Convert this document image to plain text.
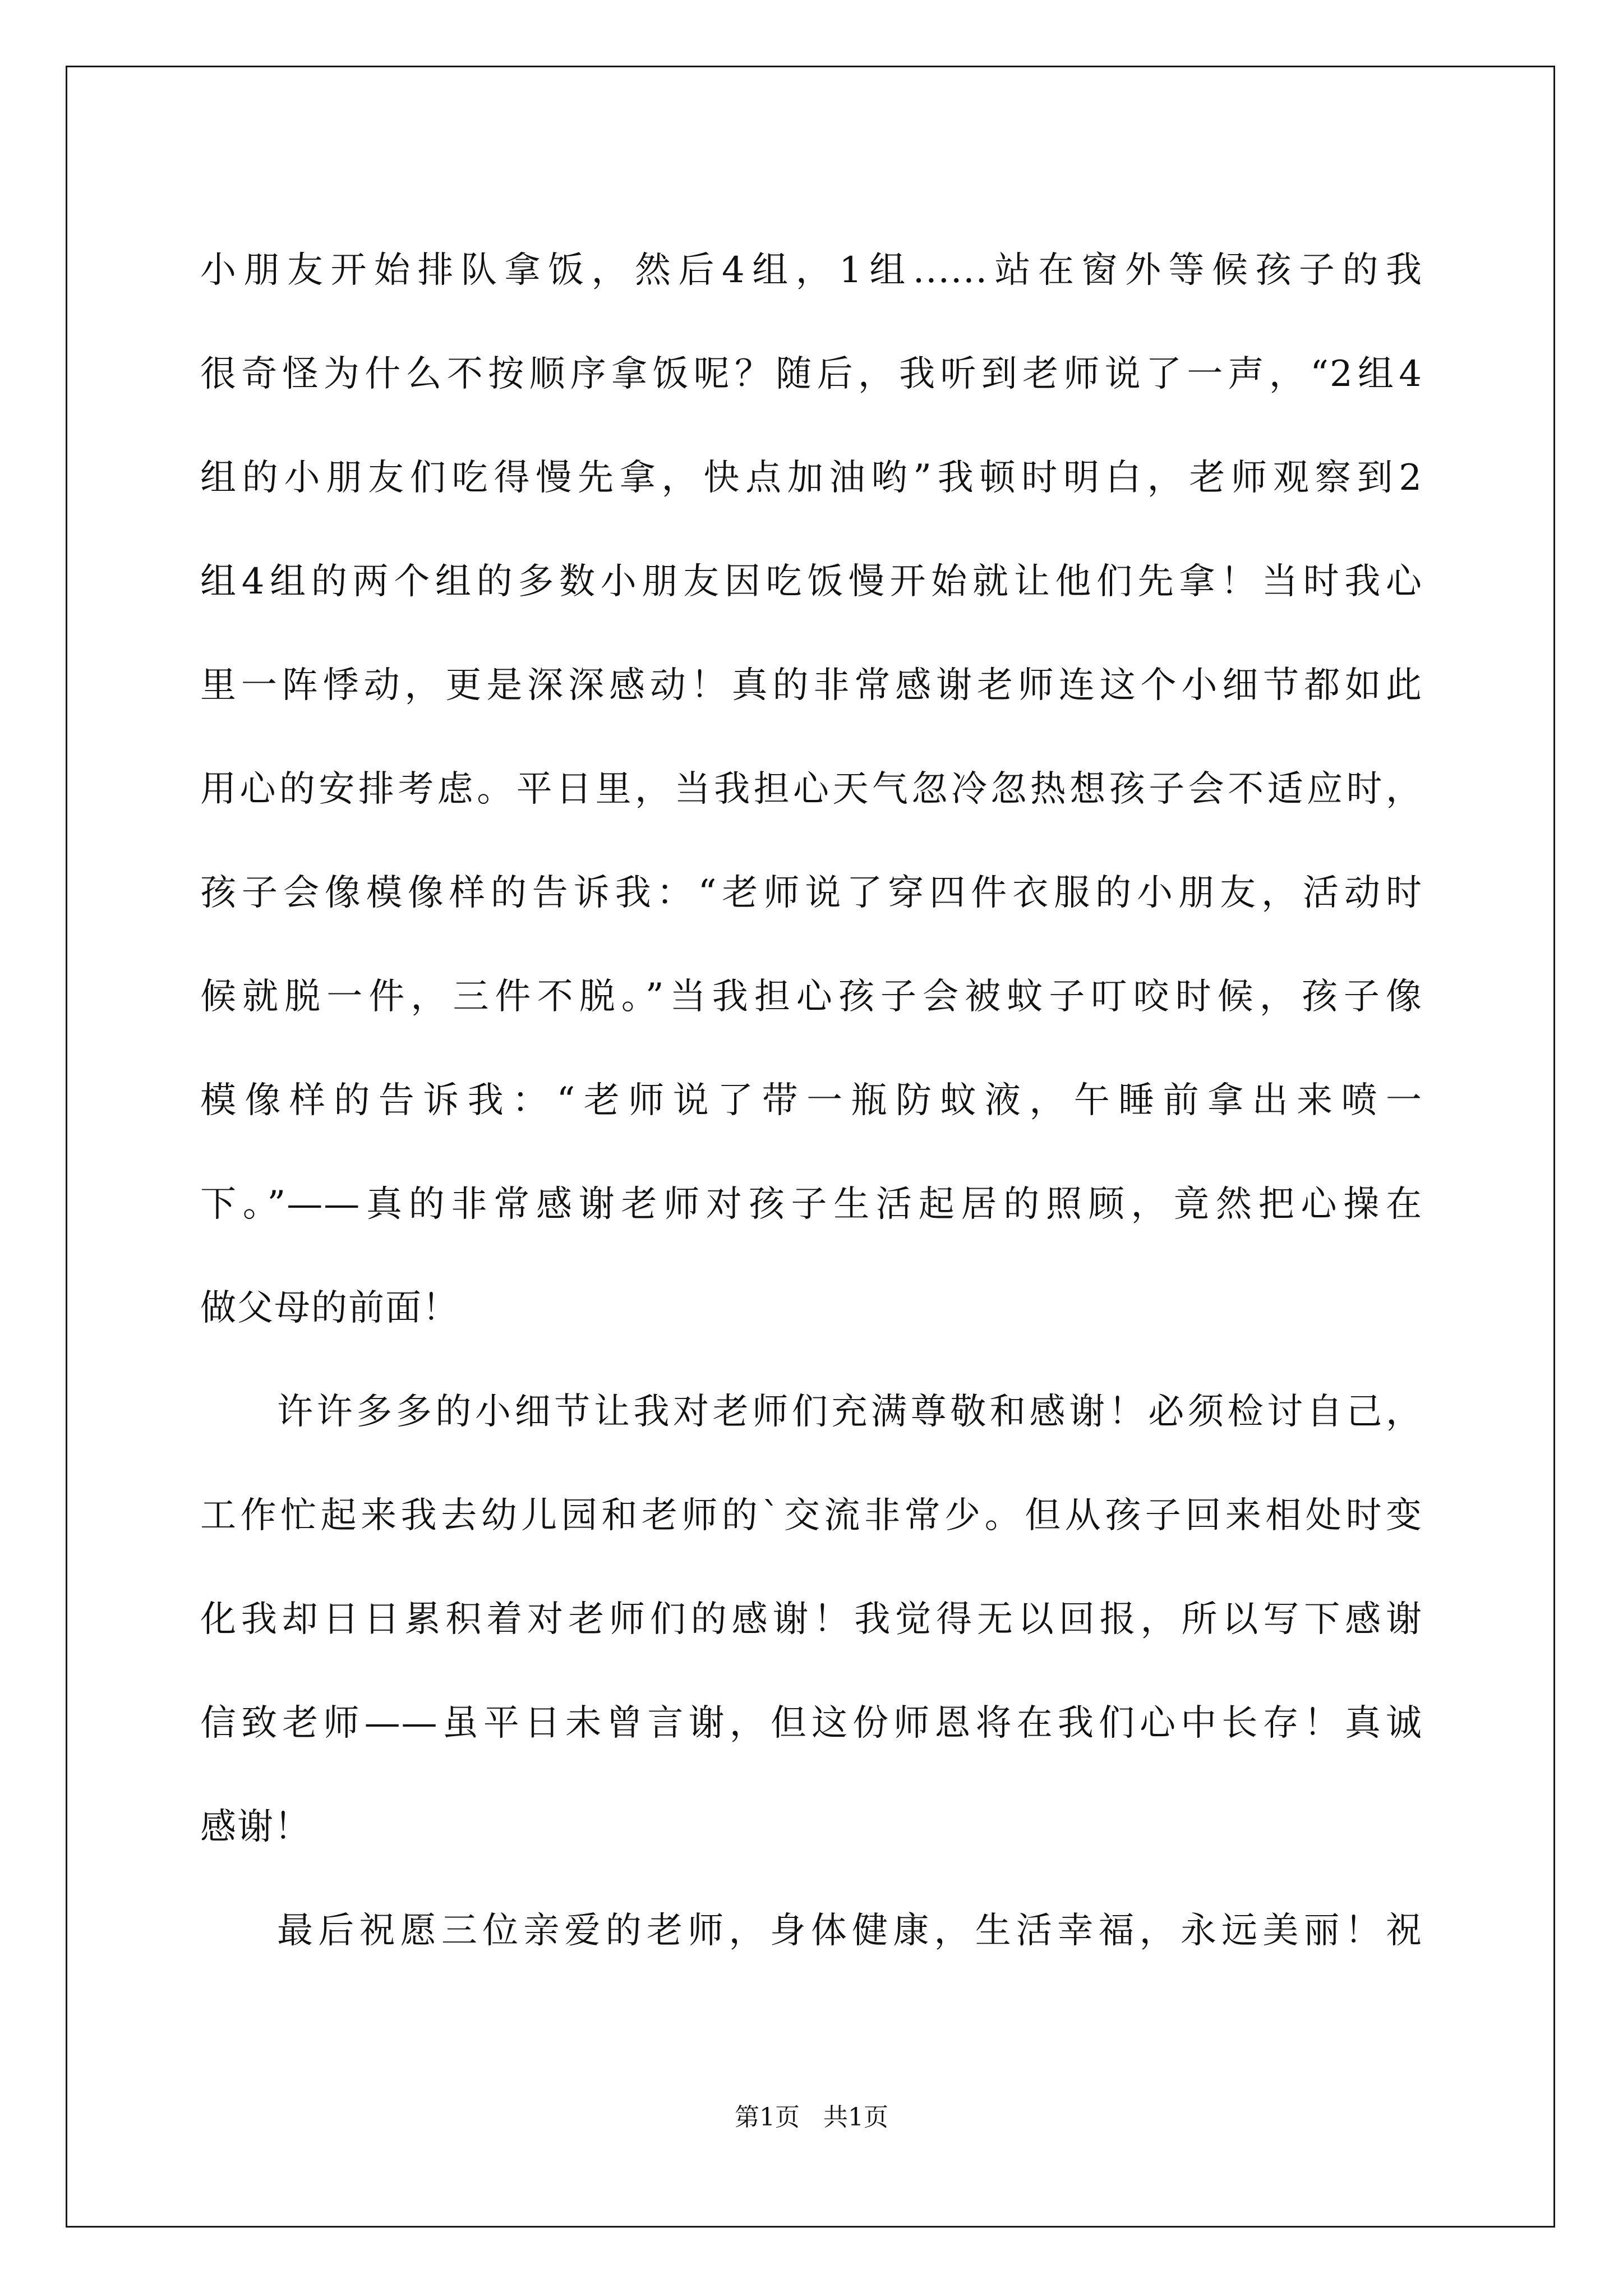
小朋友开始排队拿饭，然后4组，1组......站在窗外等候孩子的我
很奇怪为什么不按顺序拿饭呢？随后，我听到老师说了一声，“2组4
组的小朋友们吃得慢先拿，快点加油哟”我顿时明白，老师观察到2
组4组的两个组的多数小朋友因吃饭慢开始就让他们先拿！当时我心
里一阵悸动，更是深深感动！真的非常感谢老师连这个小细节都如此
用心的安排考虑。平日里，当我担心天气忽冷忽热想孩子会不适应时，
孩子会像模像样的告诉我：“老师说了穿四件衣服的小朋友，活动时
候就脱一件，三件不脱。”当我担心孩子会被蚊子叮咬时候，孩子像
模像样的告诉我：“老师说了带一瓶防蚊液，午睡前拿出来喷一
下。”——真的非常感谢老师对孩子生活起居的照顾，竟然把心操在
做父母的前面！
许许多多的小细节让我对老师们充满尊敬和感谢！必须检讨自己，
工作忙起来我去幼儿园和老师的`交流非常少。但从孩子回来相处时变
化我却日日累积着对老师们的感谢！我觉得无以回报，所以写下感谢
信致老师——虽平日未曾言谢，但这份师恩将在我们心中长存！真诚
感谢！
最后祝愿三位亲爱的老师，身体健康，生活幸福，永远美丽！祝
第1页   共1页
